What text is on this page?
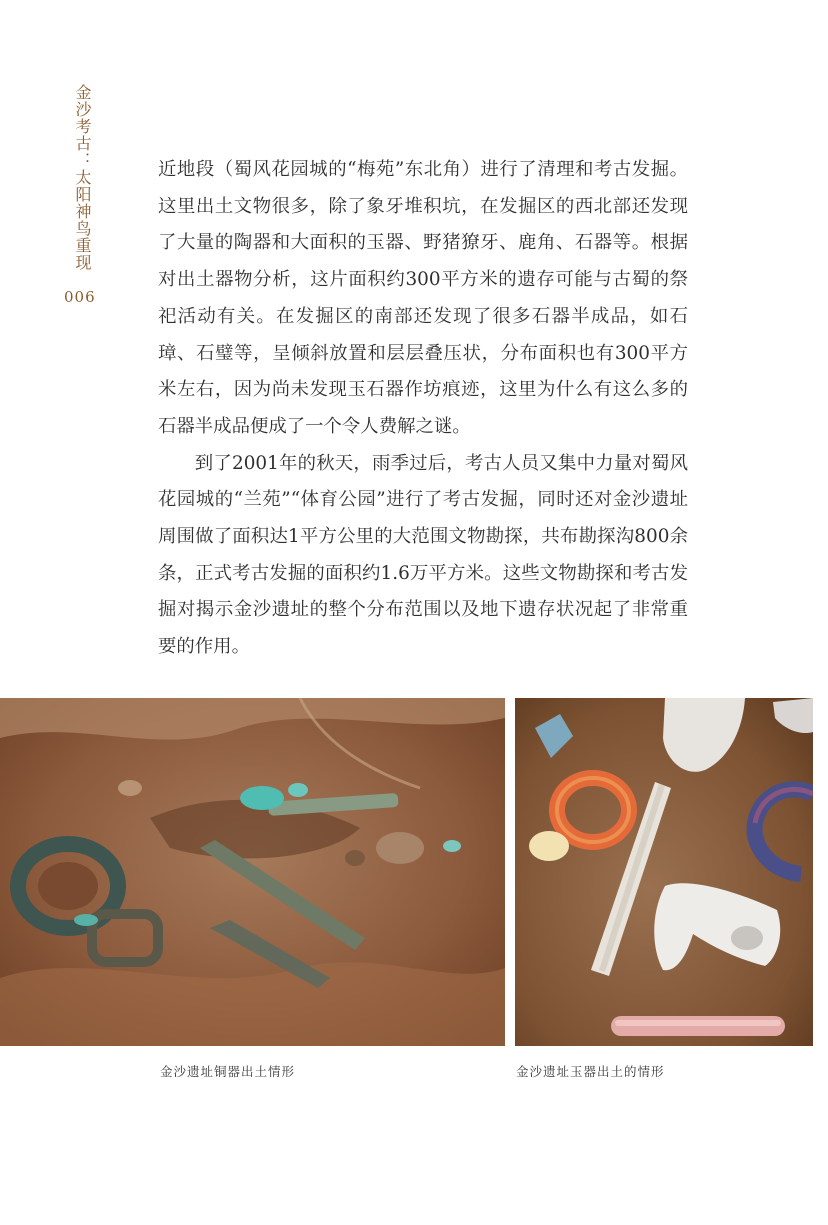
金沙考古：太阳神鸟重现
006

近地段（蜀风花园城的“梅苑”东北角）进行了清理和考古发掘。这里出土文物很多，除了象牙堆积坑，在发掘区的西北部还发现了大量的陶器和大面积的玉器、野猪獠牙、鹿角、石器等。根据对出土器物分析，这片面积约300平方米的遗存可能与古蜀的祭祀活动有关。在发掘区的南部还发现了很多石器半成品，如石璋、石璧等，呈倾斜放置和层层叠压状，分布面积也有300平方米左右，因为尚未发现玉石器作坊痕迹，这里为什么有这么多的石器半成品便成了一个令人费解之谜。

到了2001年的秋天，雨季过后，考古人员又集中力量对蜀风花园城的“兰苑”“体育公园”进行了考古发掘，同时还对金沙遗址周围做了面积达1平方公里的大范围文物勘探，共布勘探沟800余条，正式考古发掘的面积约1.6万平方米。这些文物勘探和考古发掘对揭示金沙遗址的整个分布范围以及地下遗存状况起了非常重要的作用。

金沙遗址铜器出土情形	金沙遗址玉器出土的情形
